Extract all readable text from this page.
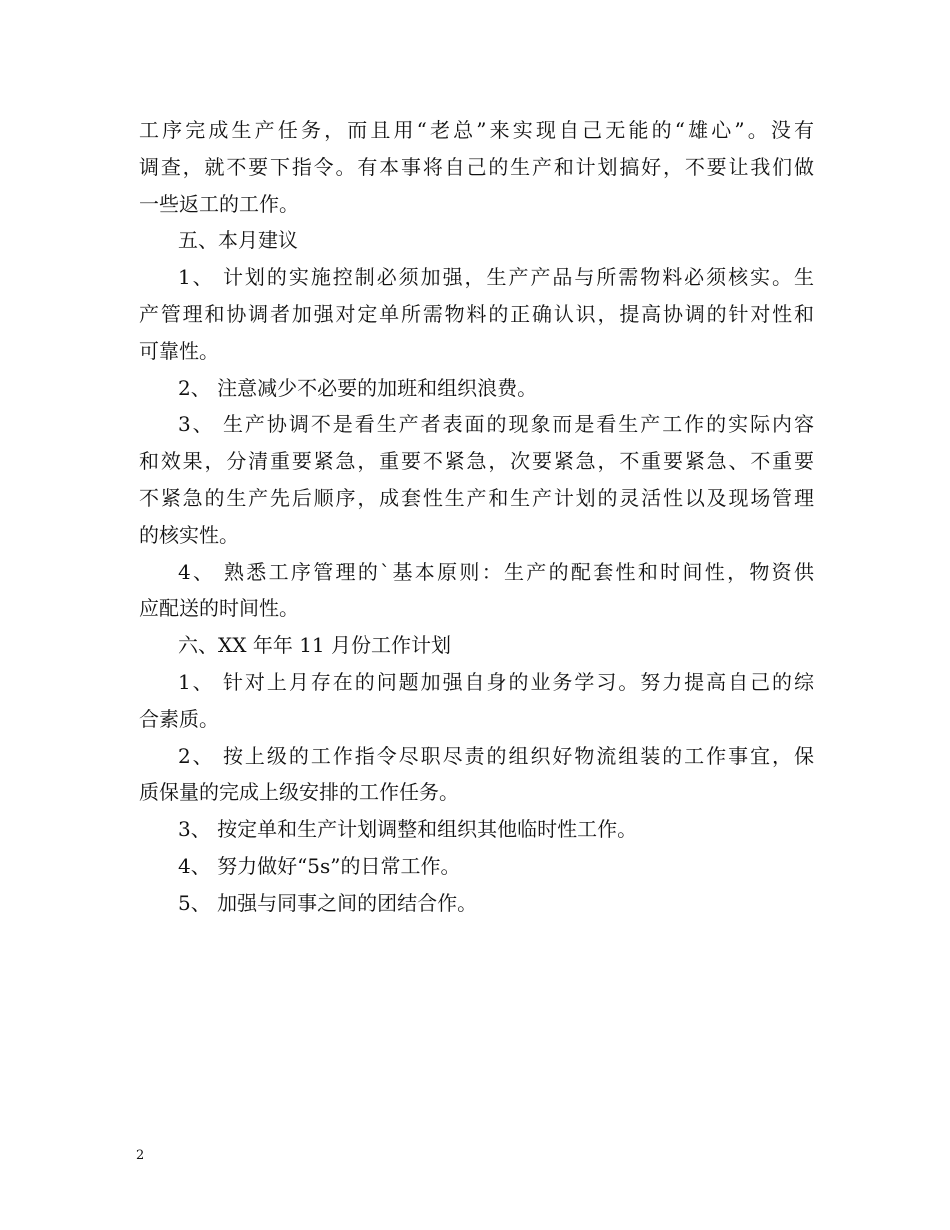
工序完成生产任务，而且用“老总”来实现自己无能的“雄心”。没有
调查，就不要下指令。有本事将自己的生产和计划搞好，不要让我们做
一些返工的工作。
五、本月建议
1、 计划的实施控制必须加强，生产产品与所需物料必须核实。生
产管理和协调者加强对定单所需物料的正确认识，提高协调的针对性和
可靠性。
2、 注意减少不必要的加班和组织浪费。
3、 生产协调不是看生产者表面的现象而是看生产工作的实际内容
和效果，分清重要紧急，重要不紧急，次要紧急，不重要紧急、不重要
不紧急的生产先后顺序，成套性生产和生产计划的灵活性以及现场管理
的核实性。
4、 熟悉工序管理的`基本原则：生产的配套性和时间性，物资供
应配送的时间性。
六、XX 年年 11 月份工作计划
1、 针对上月存在的问题加强自身的业务学习。努力提高自己的综
合素质。
2、 按上级的工作指令尽职尽责的组织好物流组装的工作事宜，保
质保量的完成上级安排的工作任务。
3、 按定单和生产计划调整和组织其他临时性工作。
4、 努力做好“5s”的日常工作。
5、 加强与同事之间的团结合作。
2
